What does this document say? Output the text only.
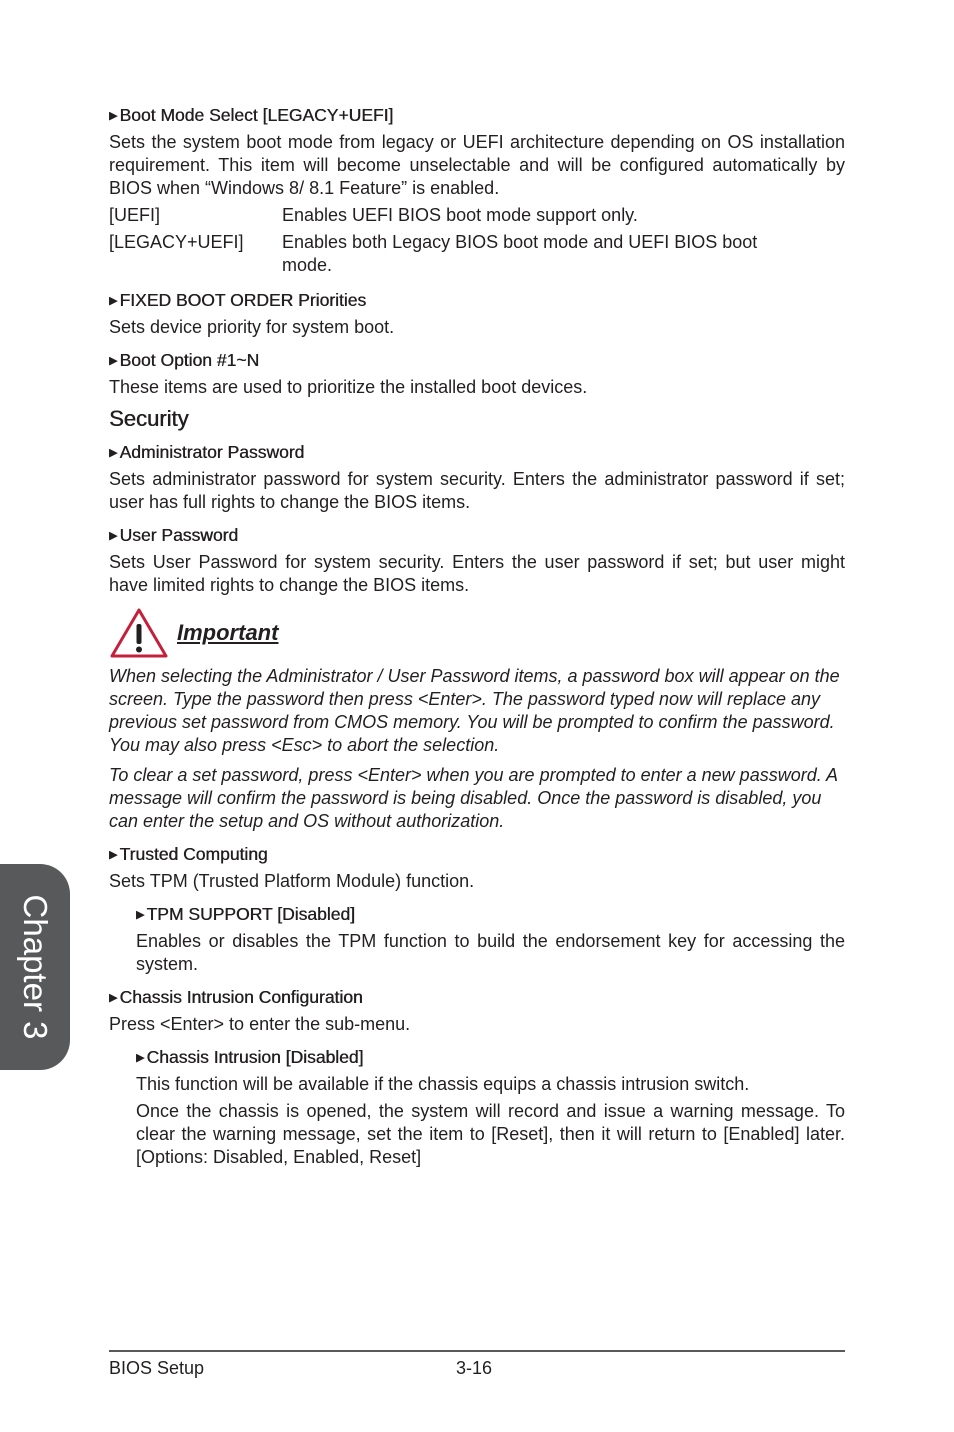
▶ Boot Mode Select [LEGACY+UEFI]

Sets the system boot mode from legacy or UEFI architecture depending on OS installation requirement. This item will become unselectable and will be configured automatically by BIOS when “Windows 8/ 8.1 Feature” is enabled.

[UEFI]	Enables UEFI BIOS boot mode support only.
[LEGACY+UEFI]	Enables both Legacy BIOS boot mode and UEFI BIOS boot mode.

▶ FIXED BOOT ORDER Priorities

Sets device priority for system boot.

▶ Boot Option #1~N

These items are used to prioritize the installed boot devices.

Security

▶ Administrator Password

Sets administrator password for system security. Enters the administrator password if set; user has full rights to change the BIOS items.

▶ User Password

Sets User Password for system security. Enters the user password if set; but user might have limited rights to change the BIOS items.

Important

When selecting the Administrator / User Password items, a password box will appear on the screen. Type the password then press <Enter>. The password typed now will replace any previous set password from CMOS memory. You will be prompted to confirm the password. You may also press <Esc> to abort the selection.

To clear a set password, press <Enter> when you are prompted to enter a new password. A message will confirm the password is being disabled. Once the password is disabled, you can enter the setup and OS without authorization.

▶ Trusted Computing

Sets TPM (Trusted Platform Module) function.

▶ TPM SUPPORT [Disabled]

Enables or disables the TPM function to build the endorsement key for accessing the system.

▶ Chassis Intrusion Configuration

Press <Enter> to enter the sub-menu.

▶ Chassis Intrusion [Disabled]

This function will be available if the chassis equips a chassis intrusion switch.

Once the chassis is opened, the system will record and issue a warning message. To clear the warning message, set the item to [Reset], then it will return to [Enabled] later. [Options: Disabled, Enabled, Reset]

Chapter 3
BIOS Setup	3-16
